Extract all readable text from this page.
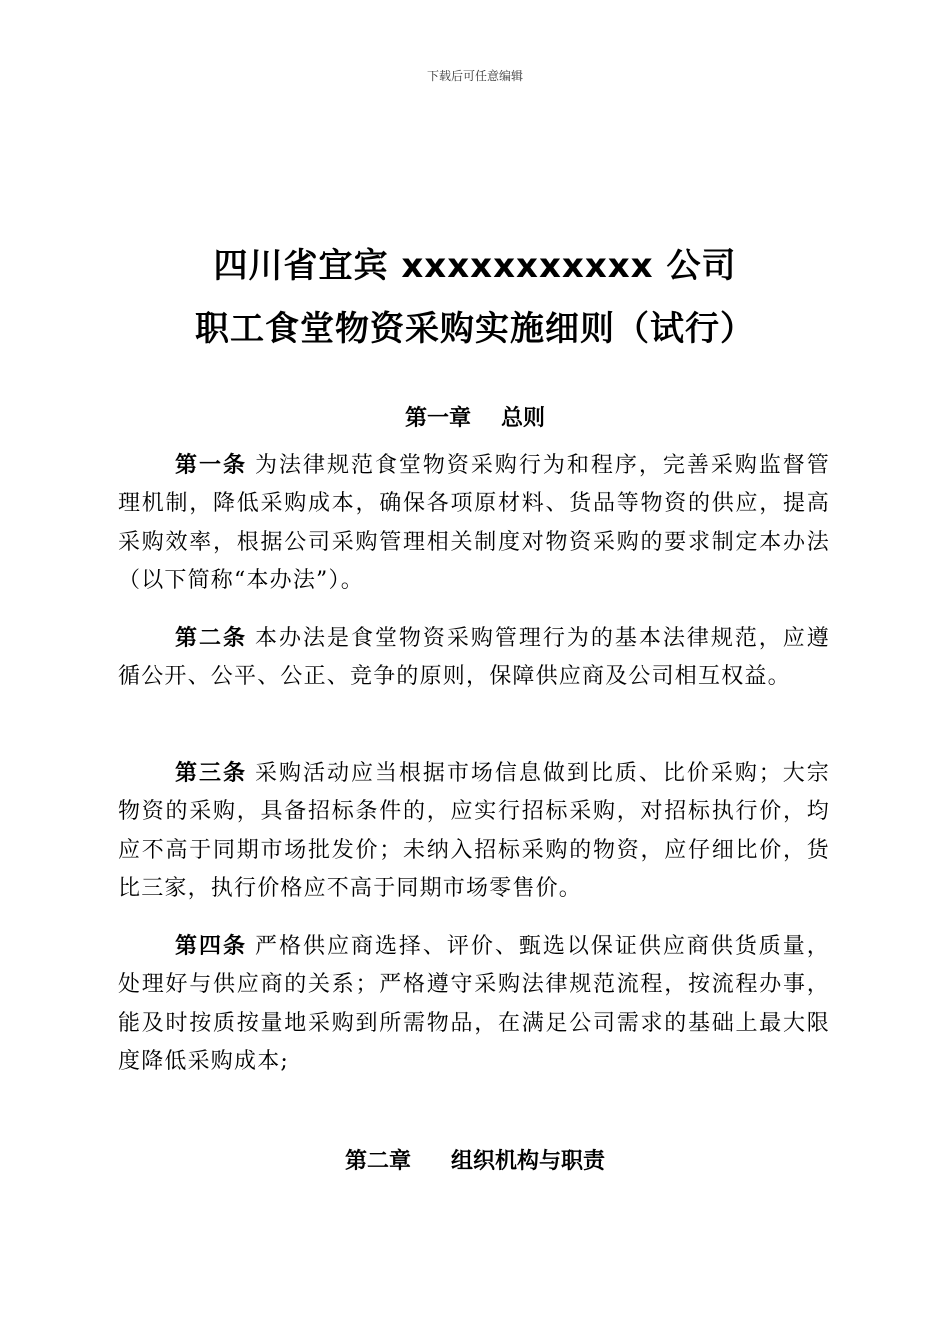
下载后可任意编辑
四川省宜宾 xxxxxxxxxxx 公司
职工食堂物资采购实施细则（试行）
第一章 总则

第一条 为法律规范食堂物资采购行为和程序，完善采购监督管理机制，降低采购成本，确保各项原材料、货品等物资的供应，提高采购效率，根据公司采购管理相关制度对物资采购的要求制定本办法（以下简称“本办法”）。

第二条 本办法是食堂物资采购管理行为的基本法律规范，应遵循公开、公平、公正、竞争的原则，保障供应商及公司相互权益。

第三条 采购活动应当根据市场信息做到比质、比价采购；大宗物资的采购，具备招标条件的，应实行招标采购，对招标执行价，均应不高于同期市场批发价；未纳入招标采购的物资，应仔细比价，货比三家，执行价格应不高于同期市场零售价。

第四条 严格供应商选择、评价、甄选以保证供应商供货质量，处理好与供应商的关系；严格遵守采购法律规范流程，按流程办事，能及时按质按量地采购到所需物品，在满足公司需求的基础上最大限度降低采购成本;

第二章 组织机构与职责
